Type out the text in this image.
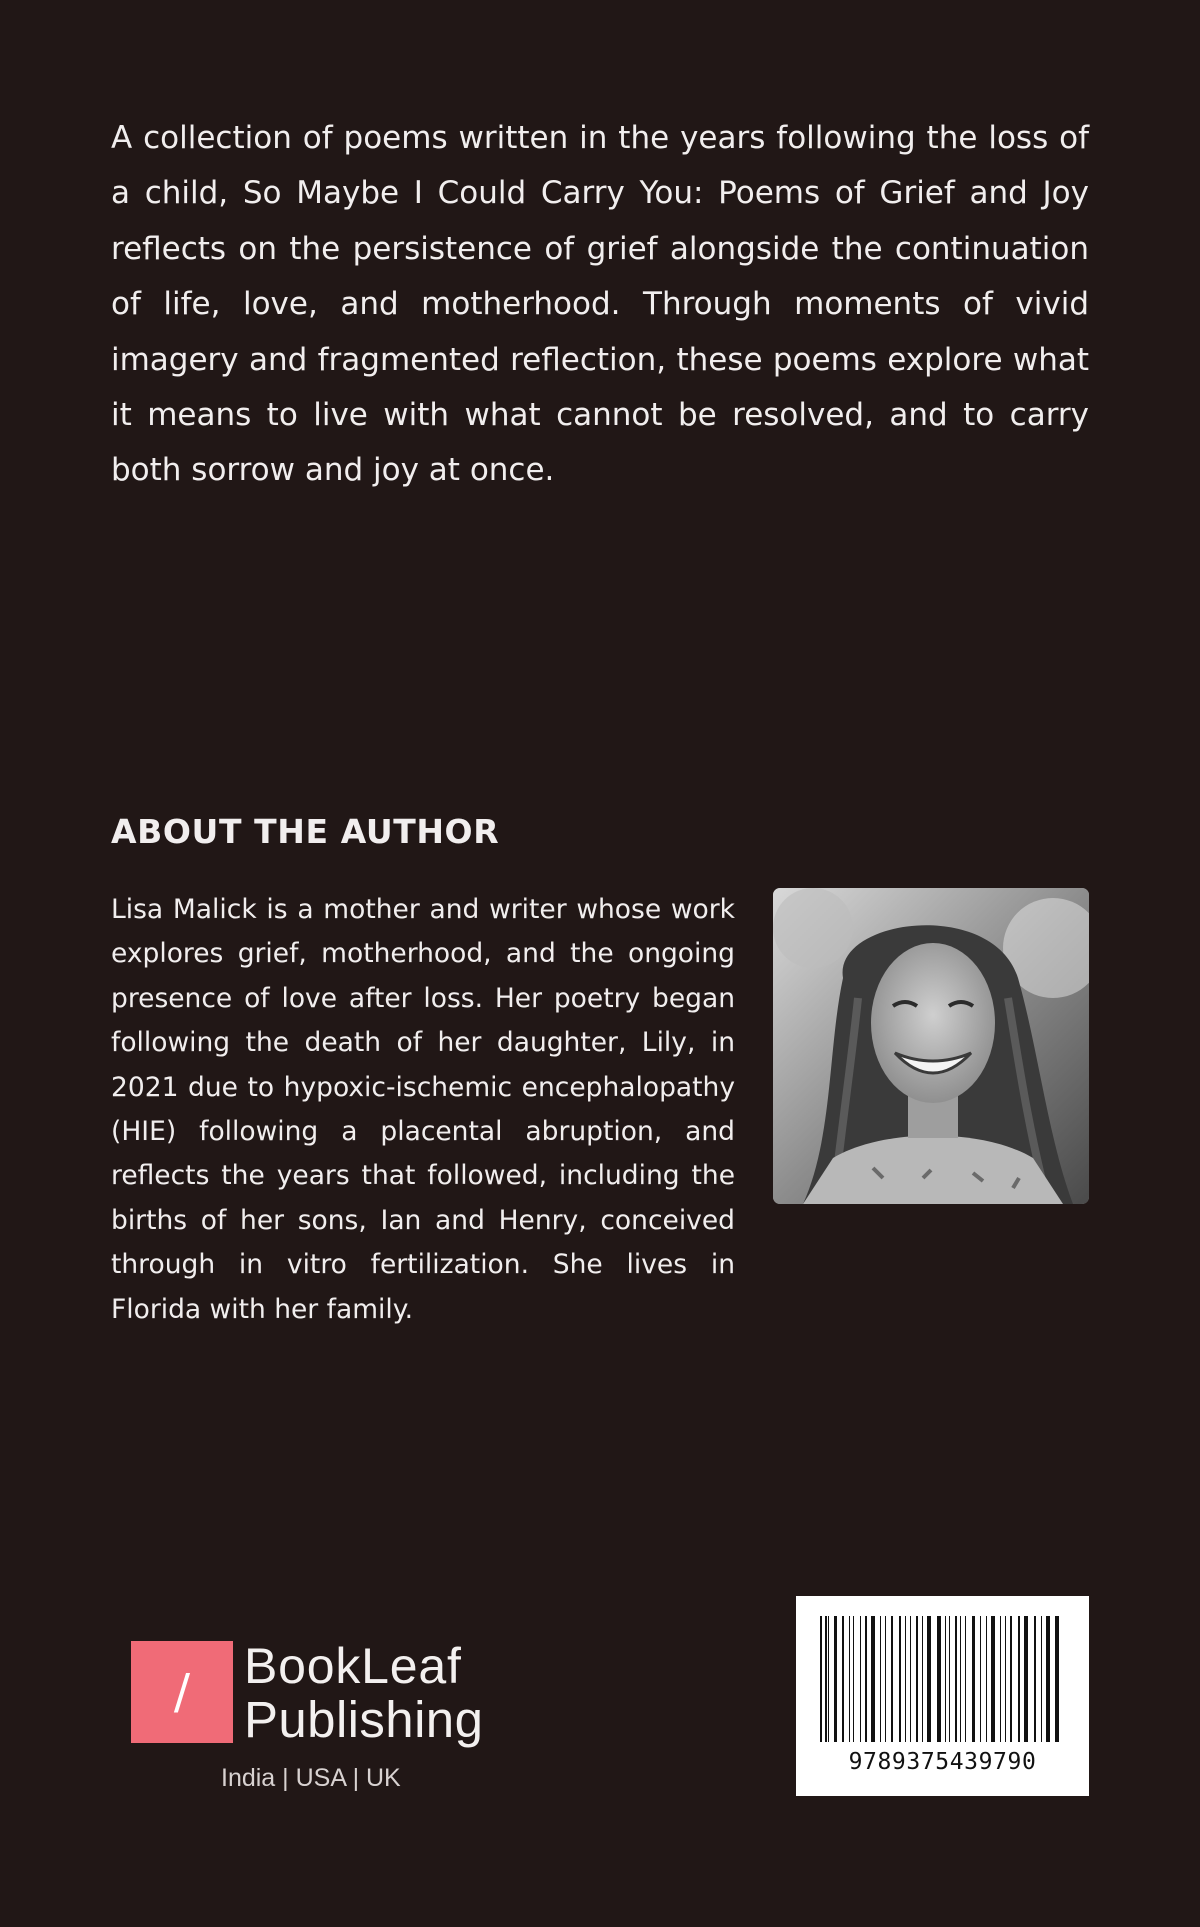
A collection of poems written in the years following the loss of a child, So Maybe I Could Carry You: Poems of Grief and Joy reflects on the persistence of grief alongside the continuation of life, love, and motherhood. Through moments of vivid imagery and fragmented reflection, these poems explore what it means to live with what cannot be resolved, and to carry both sorrow and joy at once.

ABOUT THE AUTHOR

Lisa Malick is a mother and writer whose work explores grief, motherhood, and the ongoing presence of love after loss. Her poetry began following the death of her daughter, Lily, in 2021 due to hypoxic-ischemic encephalopathy (HIE) following a placental abruption, and reflects the years that followed, including the births of her sons, Ian and Henry, conceived through in vitro fertilization. She lives in Florida with her family.

/	BookLeaf

Publishing

India | USA | UK

9789375439790
